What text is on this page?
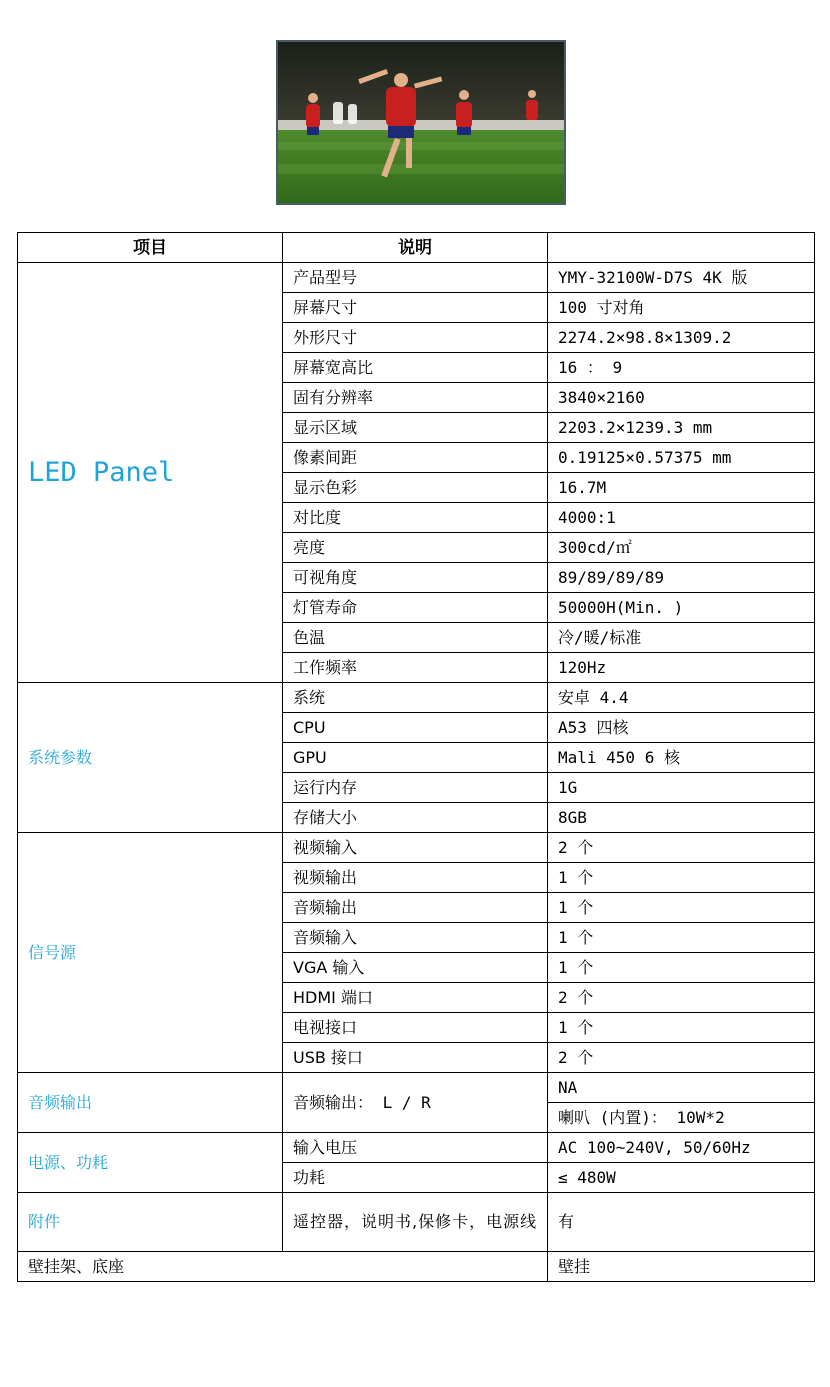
项目	说明	
LED Panel	产品型号	YMY-32100W-D7S 4K 版
	屏幕尺寸	100 寸对角
	外形尺寸	2274.2×98.8×1309.2
	屏幕宽高比	16 ： 9
	固有分辨率	3840×2160
	显示区域	2203.2×1239.3 mm
	像素间距	0.19125×0.57375 mm
	显示色彩	16.7M
	对比度	4000:1
	亮度	300cd/㎡
	可视角度	89/89/89/89
	灯管寿命	50000H(Min. )
	色温	冷/暖/标准
	工作频率	120Hz
系统参数	系统	安卓 4.4
	CPU	A53 四核
	GPU	Mali 450 6 核
	运行内存	1G
	存储大小	8GB
信号源	视频输入	2 个
	视频输出	1 个
	音频输出	1 个
	音频输入	1 个
	VGA 输入	1 个
	HDMI 端口	2 个
	电视接口	1 个
	USB 接口	2 个
音频输出	音频输出： L / R	NA
		喇叭 (内置)： 10W*2
电源、功耗	输入电压	AC 100~240V, 50/60Hz
	功耗	≤ 480W
附件	遥控器，说明书,保修卡，电源线	有
壁挂架、底座		壁挂
